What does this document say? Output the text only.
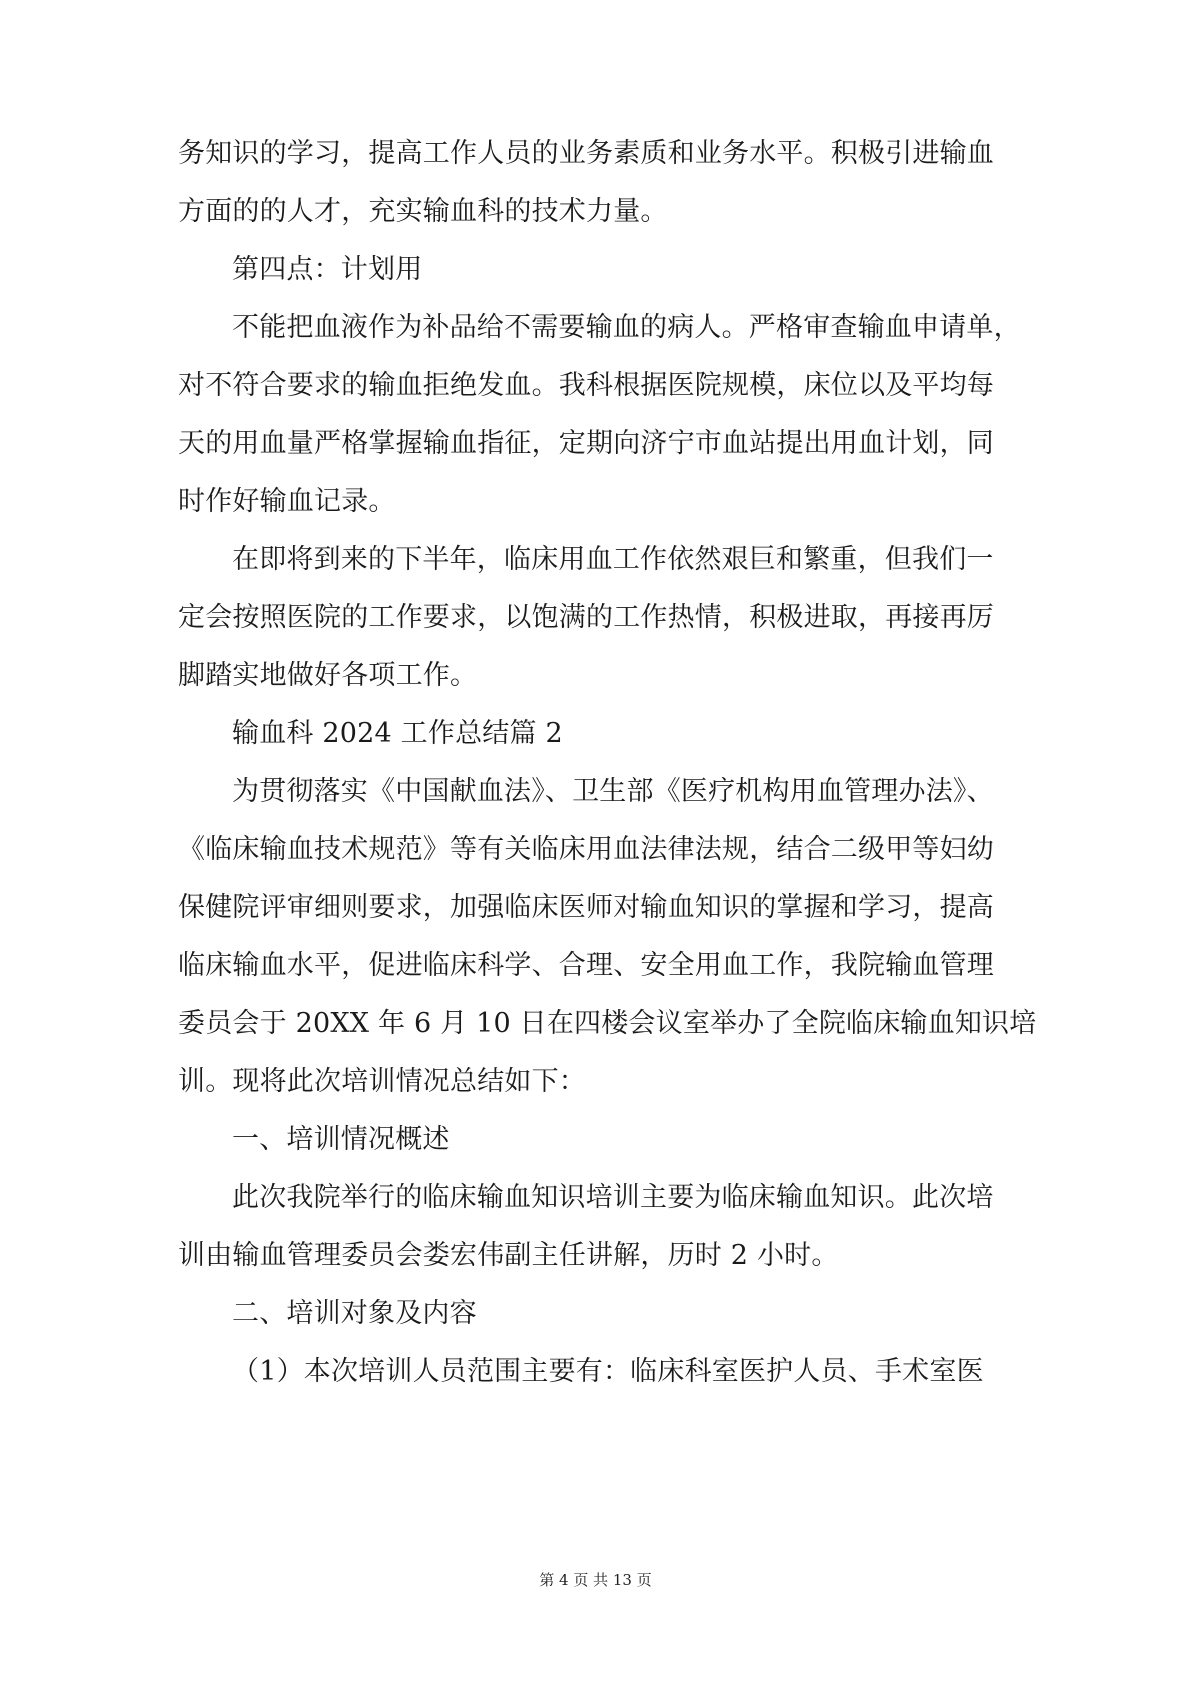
务知识的学习，提高工作人员的业务素质和业务水平。积极引进输血
方面的的人才，充实输血科的技术力量。
第四点：计划用
不能把血液作为补品给不需要输血的病人。严格审查输血申请单，
对不符合要求的输血拒绝发血。我科根据医院规模，床位以及平均每
天的用血量严格掌握输血指征，定期向济宁市血站提出用血计划，同
时作好输血记录。
在即将到来的下半年，临床用血工作依然艰巨和繁重，但我们一
定会按照医院的工作要求，以饱满的工作热情，积极进取，再接再厉
脚踏实地做好各项工作。
输血科 2024 工作总结篇 2
为贯彻落实《中国献血法》、卫生部《医疗机构用血管理办法》、
《临床输血技术规范》等有关临床用血法律法规，结合二级甲等妇幼
保健院评审细则要求，加强临床医师对输血知识的掌握和学习，提高
临床输血水平，促进临床科学、合理、安全用血工作，我院输血管理
委员会于 20XX 年 6 月 10 日在四楼会议室举办了全院临床输血知识培
训。现将此次培训情况总结如下：
一、培训情况概述
此次我院举行的临床输血知识培训主要为临床输血知识。此次培
训由输血管理委员会娄宏伟副主任讲解，历时 2 小时。
二、培训对象及内容
（1）本次培训人员范围主要有：临床科室医护人员、手术室医
第 4 页 共 13 页
